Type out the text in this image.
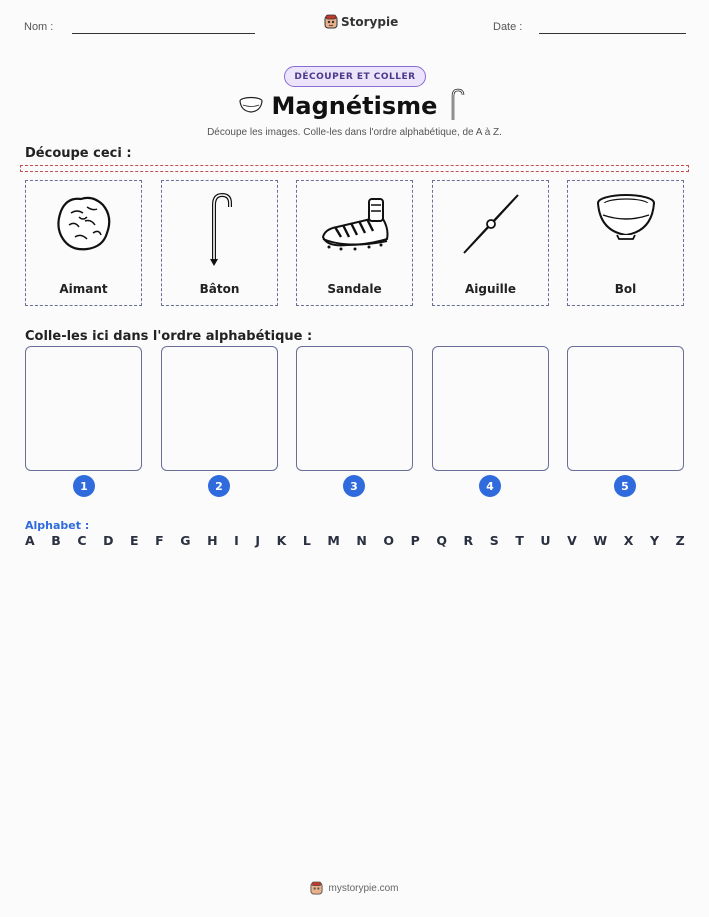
Nom :	Storypie	Date :
DÉCOUPER ET COLLER
Magnétisme
Découpe les images. Colle-les dans l'ordre alphabétique, de A à Z.
Découpe ceci :
Aimant	Bâton	Sandale	Aiguille	Bol
Colle-les ici dans l'ordre alphabétique :
1	2	3	4	5
Alphabet :
A B C D E F G H I J K L M N O P Q R S T U V W X Y Z
mystorypie.com
